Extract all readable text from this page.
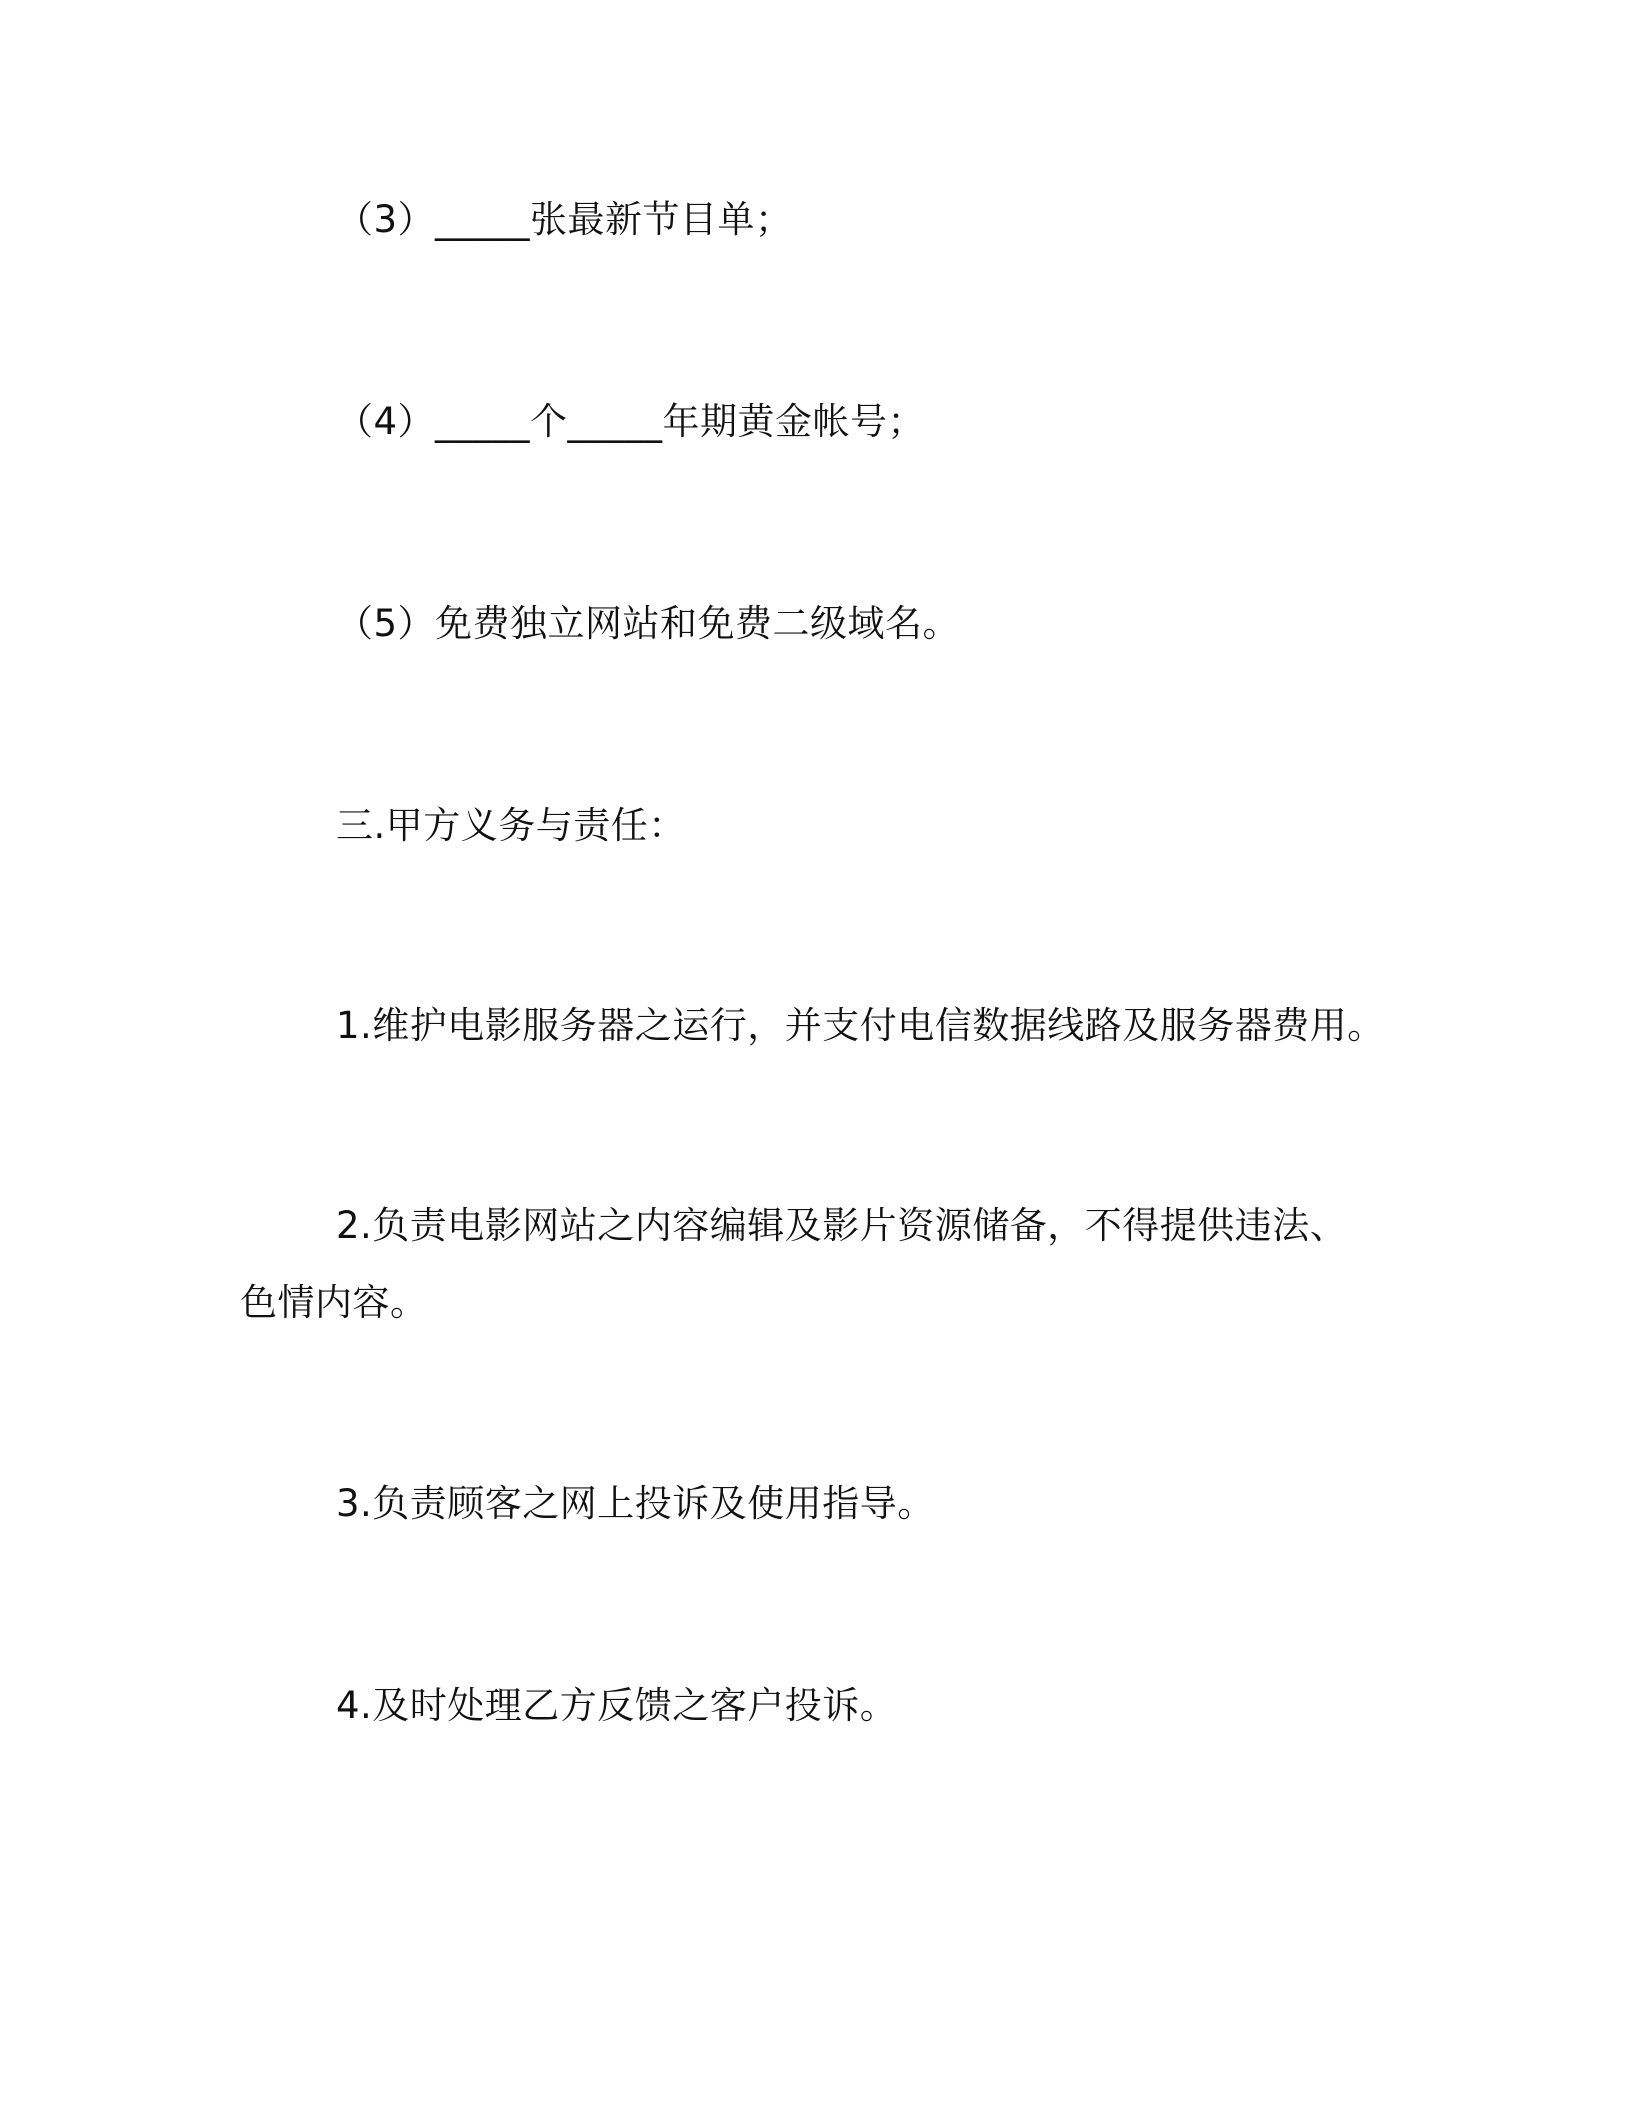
（3）_____张最新节目单；
（4）_____个_____年期黄金帐号；
（5）免费独立网站和免费二级域名。
三.甲方义务与责任：
1.维护电影服务器之运行，并支付电信数据线路及服务器费用。
2.负责电影网站之内容编辑及影片资源储备，不得提供违法、色情内容。
3.负责顾客之网上投诉及使用指导。
4.及时处理乙方反馈之客户投诉。
